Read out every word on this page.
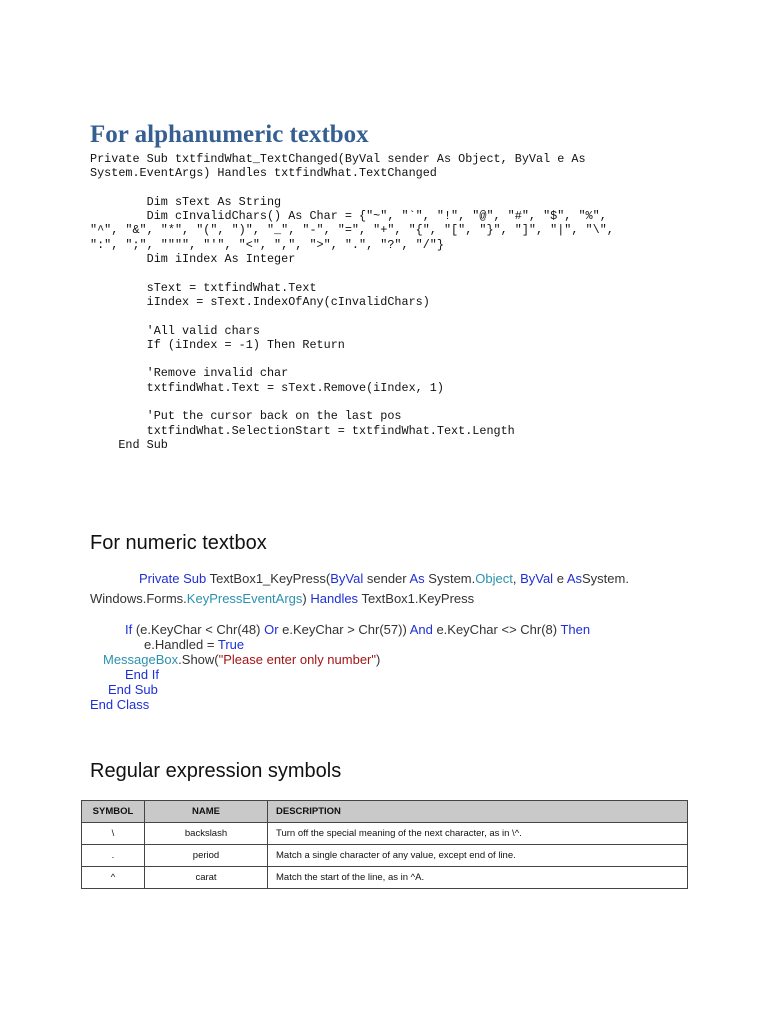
For alphanumeric textbox
Private Sub txtfindWhat_TextChanged(ByVal sender As Object, ByVal e As
System.EventArgs) Handles txtfindWhat.TextChanged
Dim sText As String
Dim cInvalidChars() As Char = {"~", "`", "!", "@", "#", "$", "%",
"^", "&", "*", "(", ")", "_", "-", "=", "+", "{", "[", "}", "]", "|", "\",
":", ";", """", "'", "<", ",", ">", ".", "?", "/"}
Dim iIndex As Integer
sText = txtfindWhat.Text
iIndex = sText.IndexOfAny(cInvalidChars)
'All valid chars
If (iIndex = -1) Then Return
'Remove invalid char
txtfindWhat.Text = sText.Remove(iIndex, 1)
'Put the cursor back on the last pos
txtfindWhat.SelectionStart = txtfindWhat.Text.Length
End Sub
For numeric textbox
Private Sub TextBox1_KeyPress(ByVal sender As System.Object, ByVal e AsSystem.
Windows.Forms.KeyPressEventArgs) Handles TextBox1.KeyPress
If (e.KeyChar < Chr(48) Or e.KeyChar > Chr(57)) And e.KeyChar <> Chr(8) Then
e.Handled = True
MessageBox.Show("Please enter only number")
End If
End Sub
End Class
Regular expression symbols
SYMBOL	NAME	DESCRIPTION
\	backslash	Turn off the special meaning of the next character, as in \^.
.	period	Match a single character of any value, except end of line.
^	carat	Match the start of the line, as in ^A.
